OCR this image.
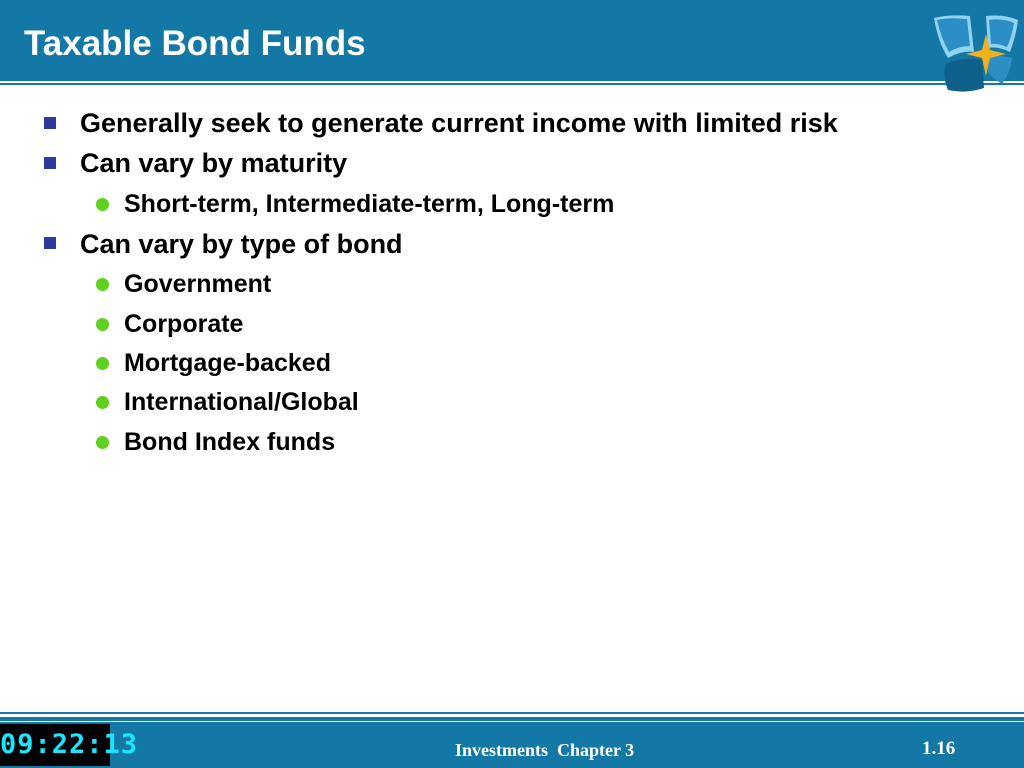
Taxable Bond Funds
Generally seek to generate current income with limited risk
Can vary by maturity
Short-term, Intermediate-term, Long-term
Can vary by type of bond
Government
Corporate
Mortgage-backed
International/Global
Bond Index funds
09:22:13	Investments  Chapter 3	1.16
